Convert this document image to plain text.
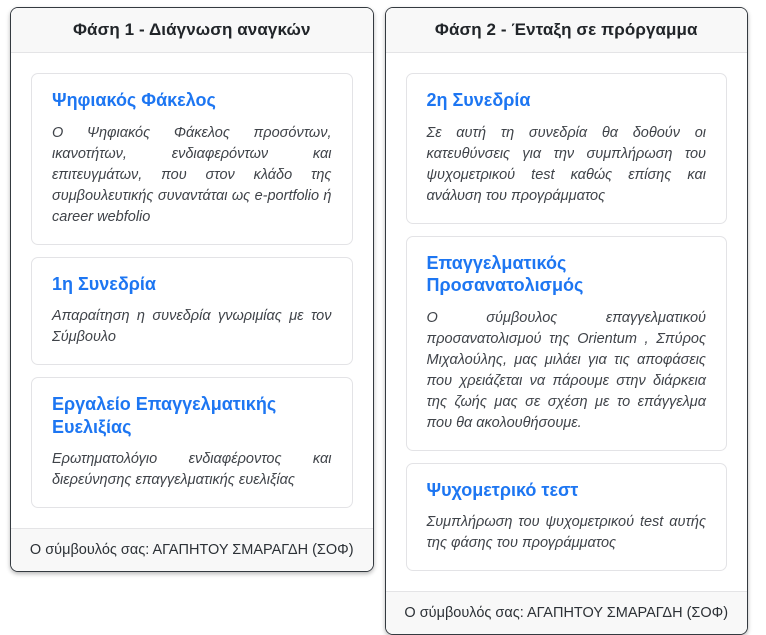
Φάση 1 - Διάγνωση αναγκών
Ψηφιακός Φάκελος

Ο Ψηφιακός Φάκελος προσόντων, ικανοτήτων, ενδιαφερόντων και επιτευγμάτων, που στον κλάδο της συμβουλευτικής συναντάται ως e-portfolio ή career webfolio

1η Συνεδρία

Απαραίτηση η συνεδρία γνωριμίας με τον Σύμβουλο

Εργαλείο Επαγγελματικής Ευελιξίας

Ερωτηματολόγιο ενδιαφέροντος και διερεύνησης επαγγελματικής ευελιξίας

Ο σύμβουλός σας: ΑΓΑΠΗΤΟΥ ΣΜΑΡΑΓΔΗ (ΣΟΦ)
Φάση 2 - Ένταξη σε πρόργαμμα
2η Συνεδρία

Σε αυτή τη συνεδρία θα δοθούν οι κατευθύνσεις για την συμπλήρωση του ψυχομετρικού test καθώς επίσης και ανάλυση του προγράμματος

Επαγγελματικός Προσανατολισμός

Ο σύμβουλος επαγγελματικού προσανατολισμού της Orientum , Σπύρος Μιχαλούλης, μας μιλάει για τις αποφάσεις που χρειάζεται να πάρουμε στην διάρκεια της ζωής μας σε σχέση με το επάγγελμα που θα ακολουθήσουμε.

Ψυχομετρικό τεστ

Συμπλήρωση του ψυχομετρικού test αυτής της φάσης του προγράμματος

Ο σύμβουλός σας: ΑΓΑΠΗΤΟΥ ΣΜΑΡΑΓΔΗ (ΣΟΦ)
